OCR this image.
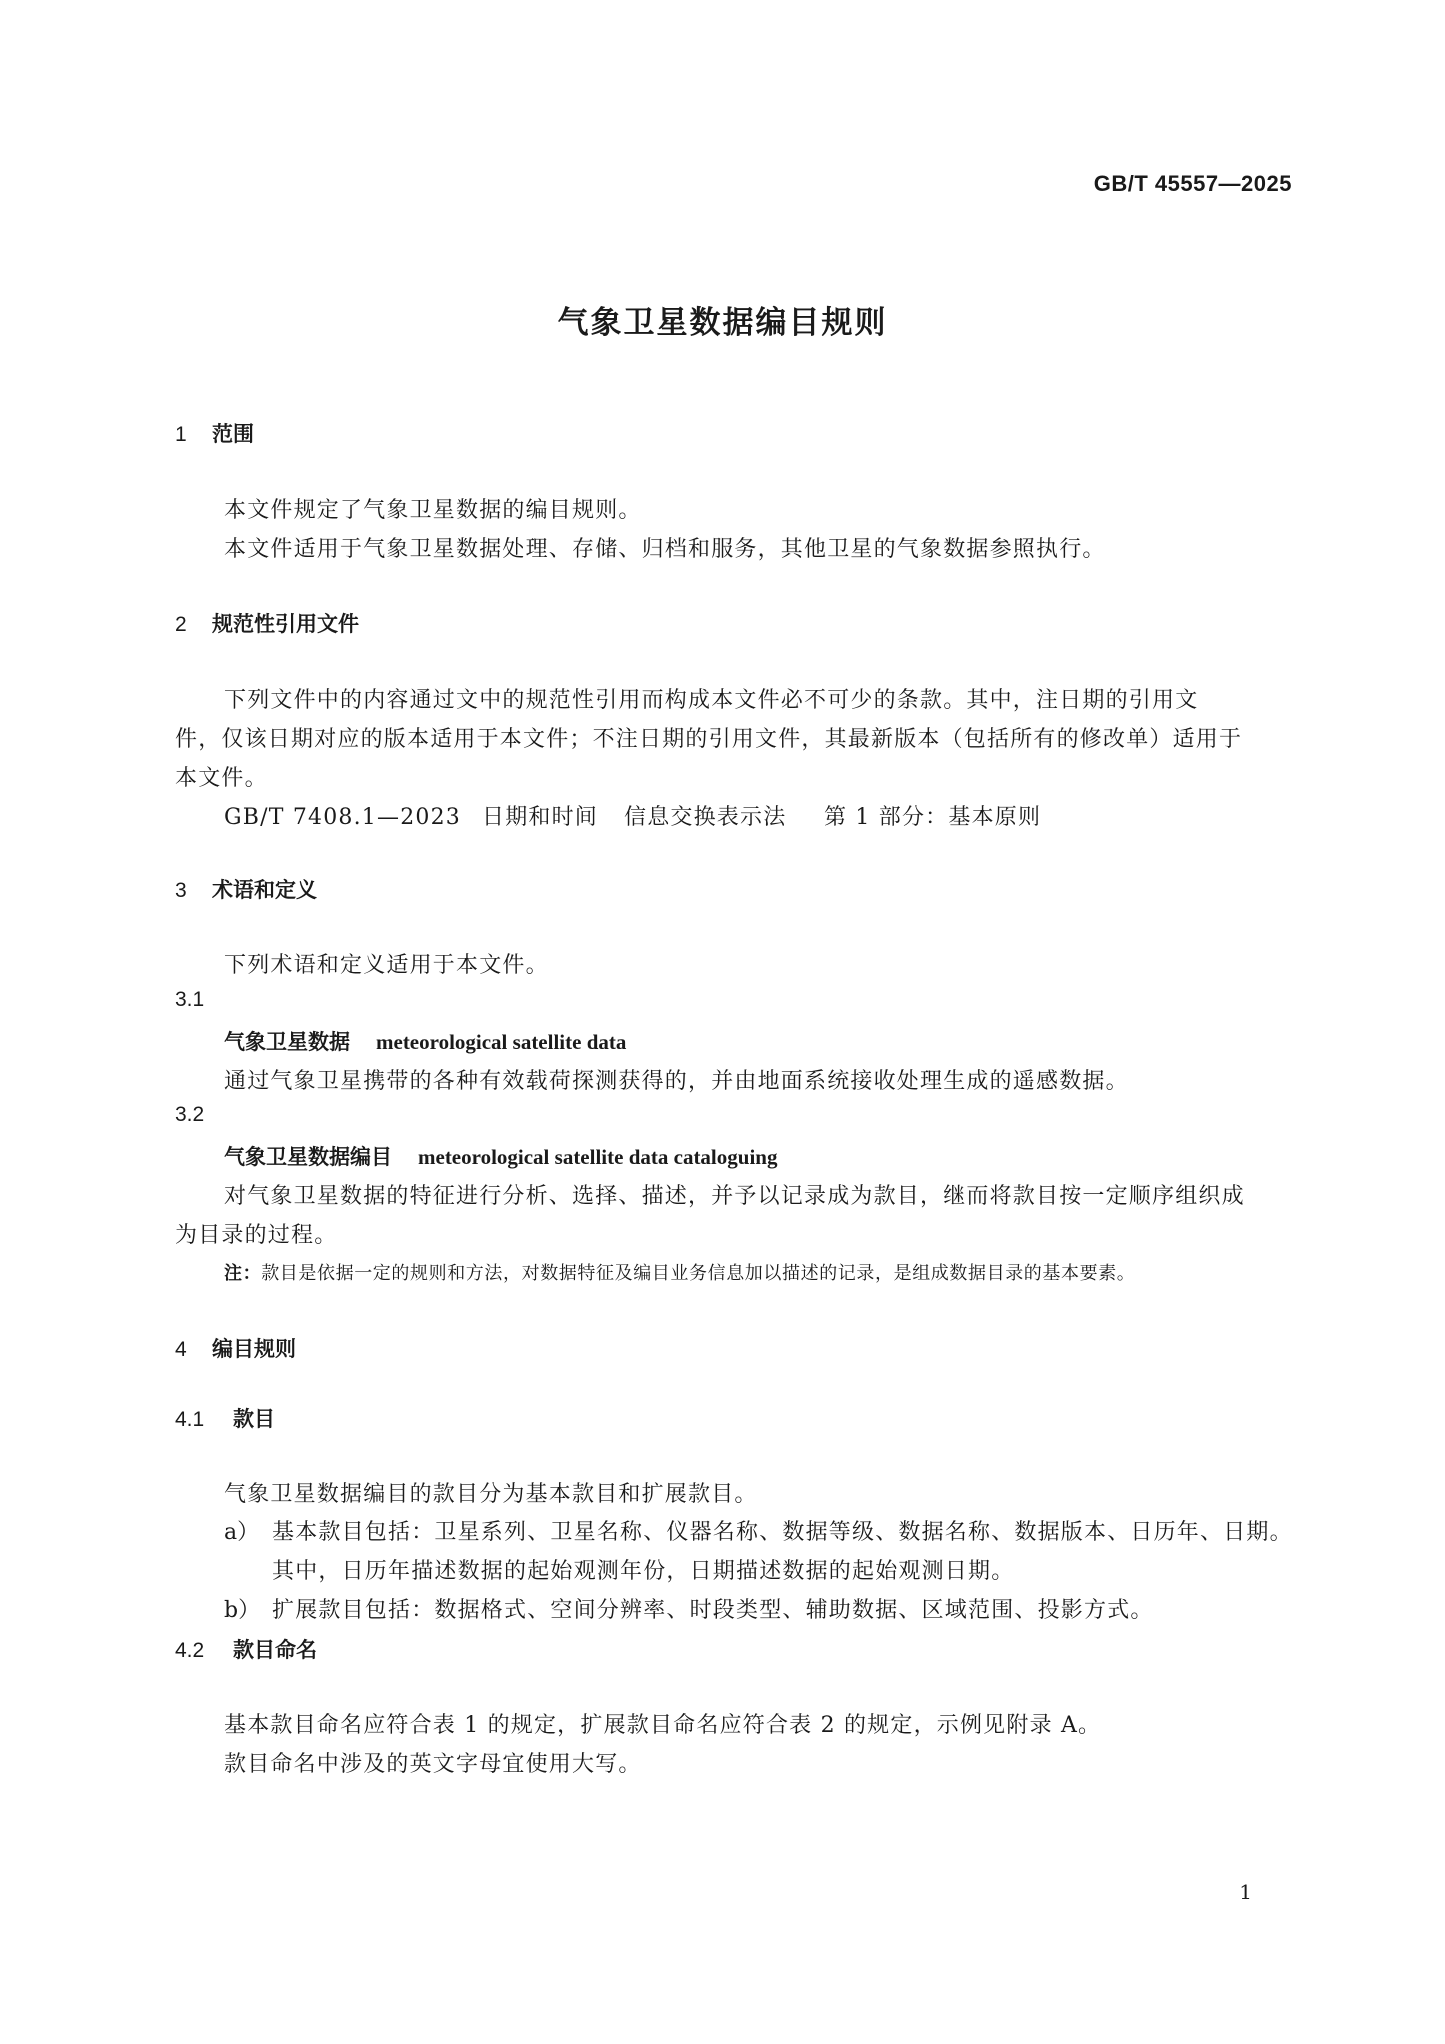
GB/T 45557—2025
气象卫星数据编目规则
1 范围
本文件规定了气象卫星数据的编目规则。
本文件适用于气象卫星数据处理、存储、归档和服务，其他卫星的气象数据参照执行。
2 规范性引用文件
下列文件中的内容通过文中的规范性引用而构成本文件必不可少的条款。其中，注日期的引用文
件，仅该日期对应的版本适用于本文件；不注日期的引用文件，其最新版本（包括所有的修改单）适用于
本文件。
GB/T 7408.1—2023 日期和时间 信息交换表示法 第 1 部分：基本原则
3 术语和定义
下列术语和定义适用于本文件。
3.1
气象卫星数据 meteorological satellite data
通过气象卫星携带的各种有效载荷探测获得的，并由地面系统接收处理生成的遥感数据。
3.2
气象卫星数据编目 meteorological satellite data cataloguing
对气象卫星数据的特征进行分析、选择、描述，并予以记录成为款目，继而将款目按一定顺序组织成
为目录的过程。
注：款目是依据一定的规则和方法，对数据特征及编目业务信息加以描述的记录，是组成数据目录的基本要素。
4 编目规则
4.1 款目
气象卫星数据编目的款目分为基本款目和扩展款目。
a） 基本款目包括：卫星系列、卫星名称、仪器名称、数据等级、数据名称、数据版本、日历年、日期。
其中，日历年描述数据的起始观测年份，日期描述数据的起始观测日期。
b） 扩展款目包括：数据格式、空间分辨率、时段类型、辅助数据、区域范围、投影方式。
4.2 款目命名
基本款目命名应符合表 1 的规定，扩展款目命名应符合表 2 的规定，示例见附录 A。
款目命名中涉及的英文字母宜使用大写。
1
